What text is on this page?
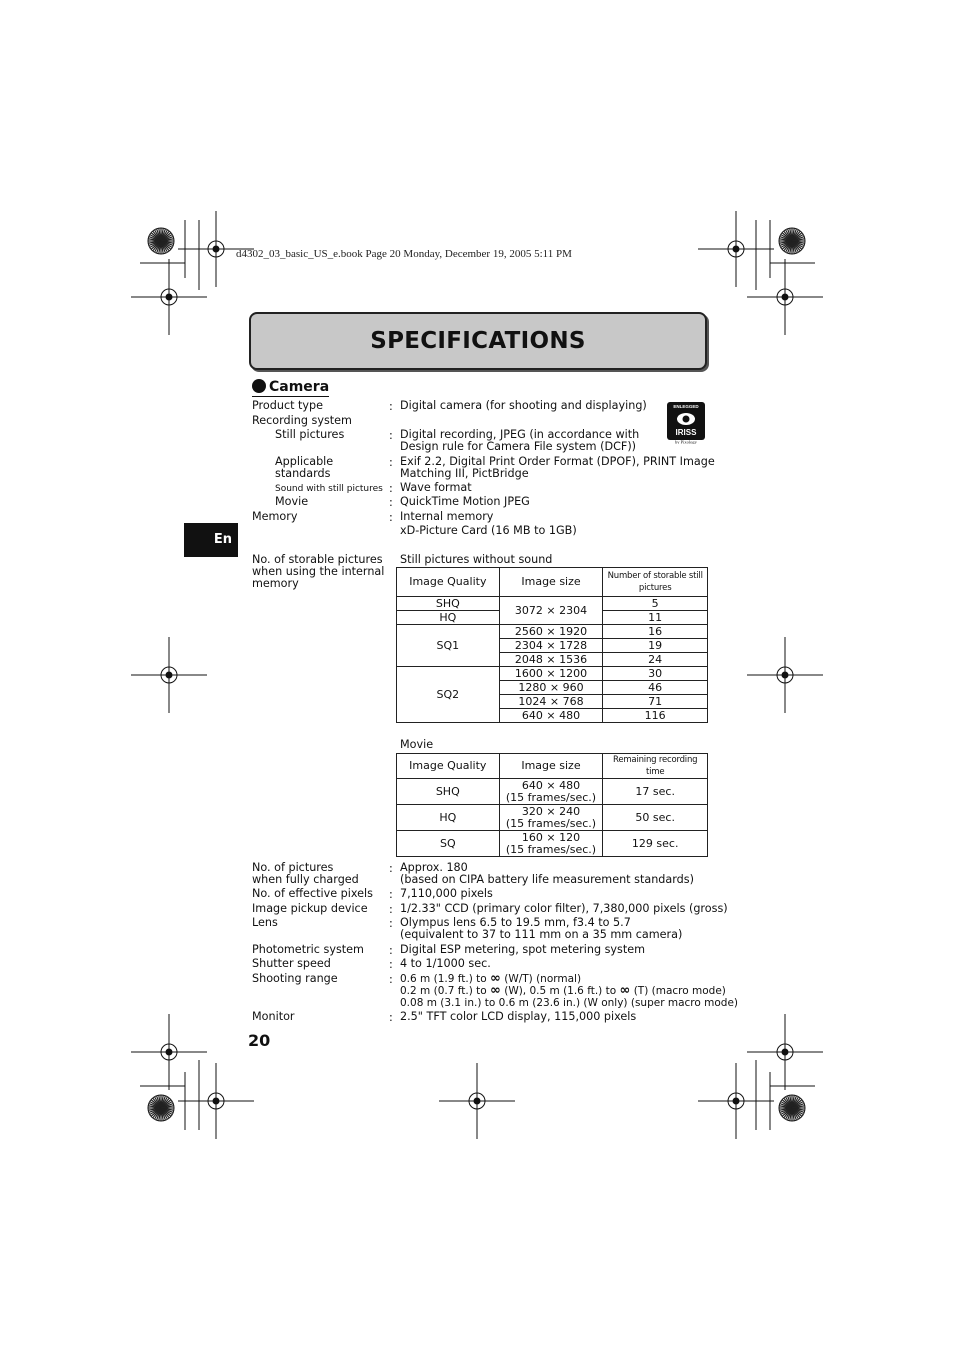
d4302_03_basic_US_e.book Page 20 Monday, December 19, 2005 5:11 PM
SPECIFICATIONS
Camera
En
ENLEGGED
IRISS
by Pixology
Product type	: Digital camera (for shooting and displaying)
Recording system
Still pictures	: Digital recording, JPEG (in accordance with
Design rule for Camera File system (DCF))
Applicable
standards
: Exif 2.2, Digital Print Order Format (DPOF), PRINT Image
Matching III, PictBridge
Sound with still pictures : Wave format
Movie	: QuickTime Motion JPEG
Memory	: Internal memory
xD-Picture Card (16 MB to 1GB)
No. of storable pictures
when using the internal
memory
Still pictures without sound
Image Quality	Image size	Number of storable still pictures
SHQ	3072 × 2304	5
HQ		11
SQ1	2560 × 1920	16
	2304 × 1728	19
	2048 × 1536	24
SQ2	1600 × 1200	30
	1280 × 960	46
	1024 × 768	71
	640 × 480	116
Movie
Image Quality	Image size	Remaining recording time
SHQ	640 × 480
(15 frames/sec.)	17 sec.
HQ	320 × 240
(15 frames/sec.)	50 sec.
SQ	160 × 120
(15 frames/sec.)	129 sec.
No. of pictures
when fully charged
: Approx. 180
(based on CIPA battery life measurement standards)
No. of effective pixels : 7,110,000 pixels
Image pickup device : 1/2.33" CCD (primary color filter), 7,380,000 pixels (gross)
Lens	: Olympus lens 6.5 to 19.5 mm, f3.4 to 5.7
(equivalent to 37 to 111 mm on a 35 mm camera)
Photometric system : Digital ESP metering, spot metering system
Shutter speed	: 4 to 1/1000 sec.
Shooting range	: 0.6 m (1.9 ft.) to ∞ (W/T) (normal)
0.2 m (0.7 ft.) to ∞ (W), 0.5 m (1.6 ft.) to ∞ (T) (macro mode)
0.08 m (3.1 in.) to 0.6 m (23.6 in.) (W only) (super macro mode)
Monitor	: 2.5" TFT color LCD display, 115,000 pixels
20
